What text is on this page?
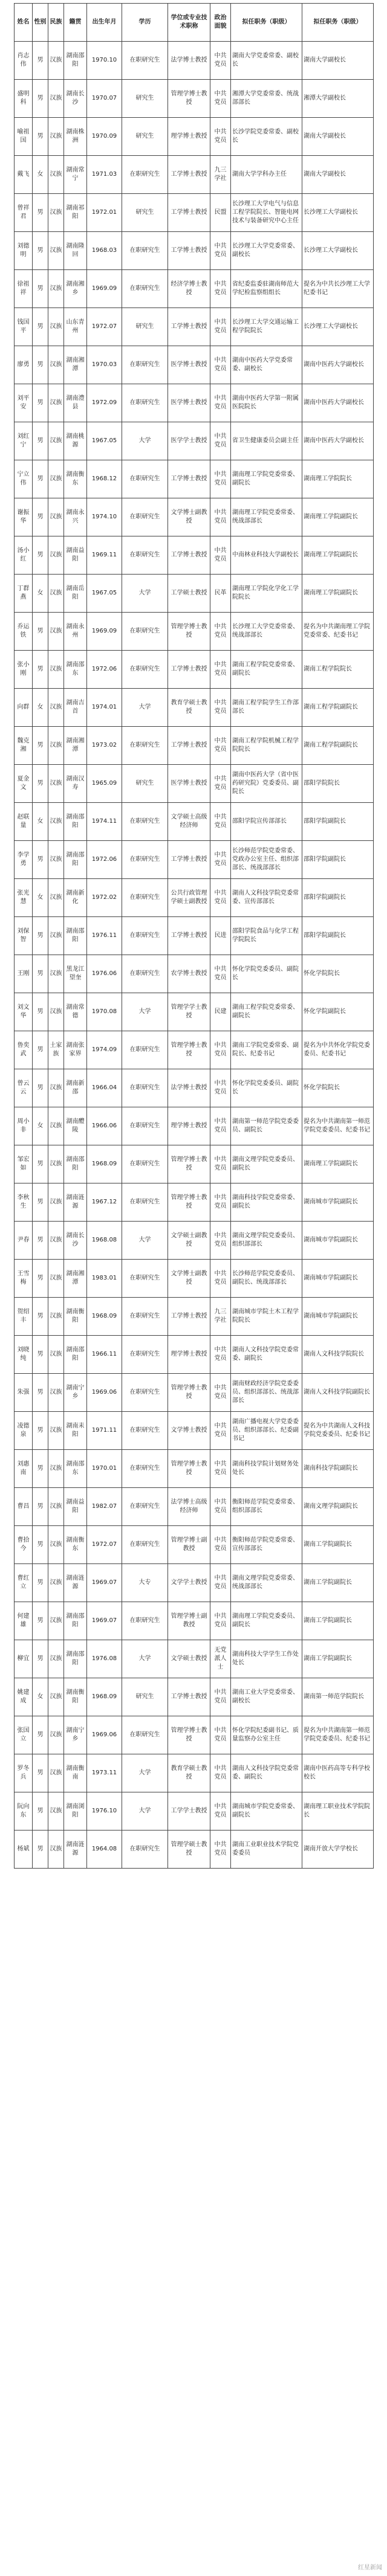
姓名	性别	民族	籍贯	出生年月	学历	学位或专业技术职称	政治面貌	拟任职务（职级）	拟任职务（职级）
肖志伟	男	汉族	湖南邵阳	1970.10	在职研究生	法学博士教授	中共党员	湖南大学党委常委、副校长	湖南大学副校长
盛明科	男	汉族	湖南长沙	1970.07	研究生	管理学博士教授	中共党员	湘潭大学党委常委、统战部部长	湘潭大学副校长
喻祖国	男	汉族	湖南株洲	1970.09	研究生	理学博士教授	中共党员	长沙学院党委常委、副校长	湖南大学副校长
戴飞	女	汉族	湖南常宁	1971.03	在职研究生	工学博士教授	九三学社	湖南大学学科办主任	湖南大学副校长
曾祥君	男	汉族	湖南祁阳	1972.01	研究生	工学博士教授	民盟	长沙理工大学电气与信息工程学院院长、智能电网技术与装备研究中心主任	长沙理工大学副校长
刘德明	男	汉族	湖南隆回	1968.03	在职研究生	工学博士教授	中共党员	长沙理工大学党委常委、副校长	长沙理工大学副校长
徐祖祥	男	汉族	湖南湘乡	1969.09	在职研究生	经济学博士教授	中共党员	省纪委监委驻湖南师范大学纪检监察组组长	提名为中共长沙理工大学纪委书记
钱国平	男	汉族	山东青州	1972.07	研究生	工学博士教授	中共党员	长沙理工大学交通运输工程学院院长	长沙理工大学副校长
廖勇	男	汉族	湖南湘潭	1970.03	在职研究生	医学博士教授	中共党员	湖南中医药大学党委常委、副校长	湖南中医药大学副校长
刘平安	男	汉族	湖南澧县	1972.09	在职研究生	医学博士教授	中共党员	湖南中医药大学第一附属医院院长	湖南中医药大学副校长
刘红宁	男	汉族	湖南桃源	1967.05	大学	医学学士教授	中共党员	省卫生健康委员会副主任	湖南中医药大学副校长
宁立伟	男	汉族	湖南衡东	1968.12	在职研究生	工学博士教授	中共党员	湖南理工学院党委常委、副院长	湖南理工学院院长
谢振华	男	汉族	湖南永兴	1974.10	在职研究生	文学博士副教授	中共党员	湖南理工学院党委常委、统战部部长	湖南理工学院副院长
汤小红	男	汉族	湖南益阳	1969.11	在职研究生	工学博士教授	中共党员	中南林业科技大学副校长	湖南理工学院副院长
丁群燕	女	汉族	湖南岳阳	1967.05	大学	工学硕士教授	民革	湖南理工学院化学化工学院院长	湖南理工学院副院长
乔运铁	男	汉族	湖南永州	1969.09	在职研究生	管理学博士教授	中共党员	长沙理工大学党委常委、统战部部长	提名为中共湖南理工学院党委常委、纪委书记
张小刚	男	汉族	湖南邵东	1972.06	在职研究生	工学博士教授	中共党员	湖南工程学院党委常委、副院长	湖南工程学院院长
向群	女	汉族	湖南吉首	1974.01	大学	教育学硕士教授	中共党员	湖南工程学院学生工作部部长	湖南工程学院副院长
魏克湘	男	汉族	湖南湘潭	1973.02	在职研究生	工学博士教授	中共党员	湖南工程学院机械工程学院院长	湖南工程学院副院长
夏金文	男	汉族	湖南汉寿	1965.09	研究生	医学博士教授	中共党员	湖南中医药大学（省中医药研究院）党委委员、副院长	邵阳学院院长
赵联量	女	汉族	湖南邵阳	1974.11	在职研究生	文学硕士高级经济师	中共党员	邵阳学院宣传部部长	邵阳学院副院长
李学勇	男	汉族	湖南邵阳	1972.06	在职研究生	工学博士教授	中共党员	长沙师范学院党委常委、党政办公室主任、组织部部长、统战部部长	邵阳学院副院长
张光慧	女	汉族	湖南新化	1972.02	在职研究生	公共行政管理学硕士副教授	中共党员	湖南人文科技学院党委常委、宣传部部长	邵阳学院副院长
刘保智	男	汉族	湖南邵阳	1976.11	在职研究生	工学博士教授	民进	邵阳学院食品与化学工程学院院长	邵阳学院副院长
王刚	男	汉族	黑龙江望奎	1976.06	在职研究生	农学博士教授	中共党员	怀化学院党委委员、副院长	怀化学院院长
刘文华	男	汉族	湖南常德	1970.08	大学	管理学学士教授	民建	湖南工程学院党委常委、副院长	怀化学院副院长
鲁奕武	男	土家族	湖南张家界	1974.09	在职研究生	管理学博士教授	中共党员	湖南工学院党委常委、副院长、纪委书记	提名为中共怀化学院党委委员、纪委书记
曾云云	男	汉族	湖南新邵	1966.04	在职研究生	法学博士教授	中共党员	怀化学院党委委员、副院长	怀化学院院长
周小非	女	汉族	湖南醴陵	1966.06	在职研究生	理学博士教授	中共党员	湖南第一师范学院党委委员、副院长	提名为中共湖南第一师范学院党委委员、纪委书记
邹宏如	男	汉族	湖南邵阳	1968.09	在职研究生	管理学博士教授	中共党员	湖南文理学院党委委员、副院长	湖南理工学院副院长
李秋生	男	汉族	湖南涟源	1967.12	在职研究生	管理学博士教授	中共党员	湖南科技学院党委常委、副院长	湖南城市学院副院长
尹春	男	汉族	湖南长沙	1968.08	大学	文学硕士副教授	中共党员	湖南文理学院党委委员、组织部部长	湖南城市学院副院长
王雪梅	男	汉族	湖南湘潭	1983.01	在职研究生	文学博士副教授	中共党员	长沙师范学院党委委员、副院长、统战部部长	湖南城市学院副院长
贺绍丰	男	汉族	湖南衡阳	1968.09	在职研究生	工学博士教授	九三学社	湖南城市学院土木工程学院院长	湖南城市学院副院长
刘晓纯	男	汉族	湖南邵阳	1966.11	在职研究生	理学博士教授	中共党员	湖南人文科技学院党委常委、副院长	湖南人文科技学院院长
朱强	男	汉族	湖南宁乡	1969.06	在职研究生	管理学博士教授	中共党员	湖南财政经济学院党委委员、组织部部长、统战部部长	湖南人文科技学院副院长
凌德泉	男	汉族	湖南耒阳	1971.11	在职研究生	文学博士教授	中共党员	湖南广播电视大学党委委员、组织部部长、纪委副书记	提名为中共湖南人文科技学院党委委员、纪委书记
刘惠南	男	汉族	湖南邵东	1970.01	在职研究生	管理学博士教授	中共党员	湖南科技学院计划财务处处长	湖南科技学院副院长
曹昌	男	汉族	湖南益阳	1982.07	在职研究生	法学博士高级经济师	中共党员	衡阳师范学院党委常委、组织部部长	湖南文理学院副院长
曹拾今	男	汉族	湖南衡东	1972.07	在职研究生	管理学博士副教授	中共党员	衡阳师范学院党委常委、宣传部部长	湖南工学院副院长
曹红立	男	汉族	湖南涟源	1969.07	大专	文学学士教授	中共党员	湖南文理学院党委常委、统战部部长	湖南工学院副院长
何建雄	男	汉族	湖南邵阳	1969.07	在职研究生	管理学博士副教授	中共党员	湖南理工学院党委委员、副院长	湖南工学院副院长
柳宜	男	汉族	湖南邵阳	1976.08	大学	文学硕士教授	无党派人士	湖南科技大学学生工作处处长	湖南工学院副院长
姚建成	女	汉族	湖南衡阳	1968.09	研究生	工学博士教授	中共党员	湖南工业大学党委常委、副校长	湖南第一师范学院院长
张国立	男	汉族	湖南宁乡	1969.06	在职研究生	管理学博士教授	中共党员	怀化学院纪委副书记、质量监察办公室主任	提名为中共湖南第一师范学院党委委员、纪委书记
罗冬兵	男	汉族	湖南衡南	1973.11	大学	教育学硕士教授	中共党员	湖南人文科技学院党委常委、副院长	湖南中医药高等专科学校校长
阮向东	男	汉族	湖南浏阳	1976.10	大学	工学学士教授	中共党员	湖南城市学院党委常委、副院长	湖南理工职业技术学院院长
杨斌	男	汉族	湖南涟源	1964.08	在职研究生	管理学硕士教授	中共党员	湖南工业职业技术学院党委委员	湖南开放大学学校长
红星新闻
